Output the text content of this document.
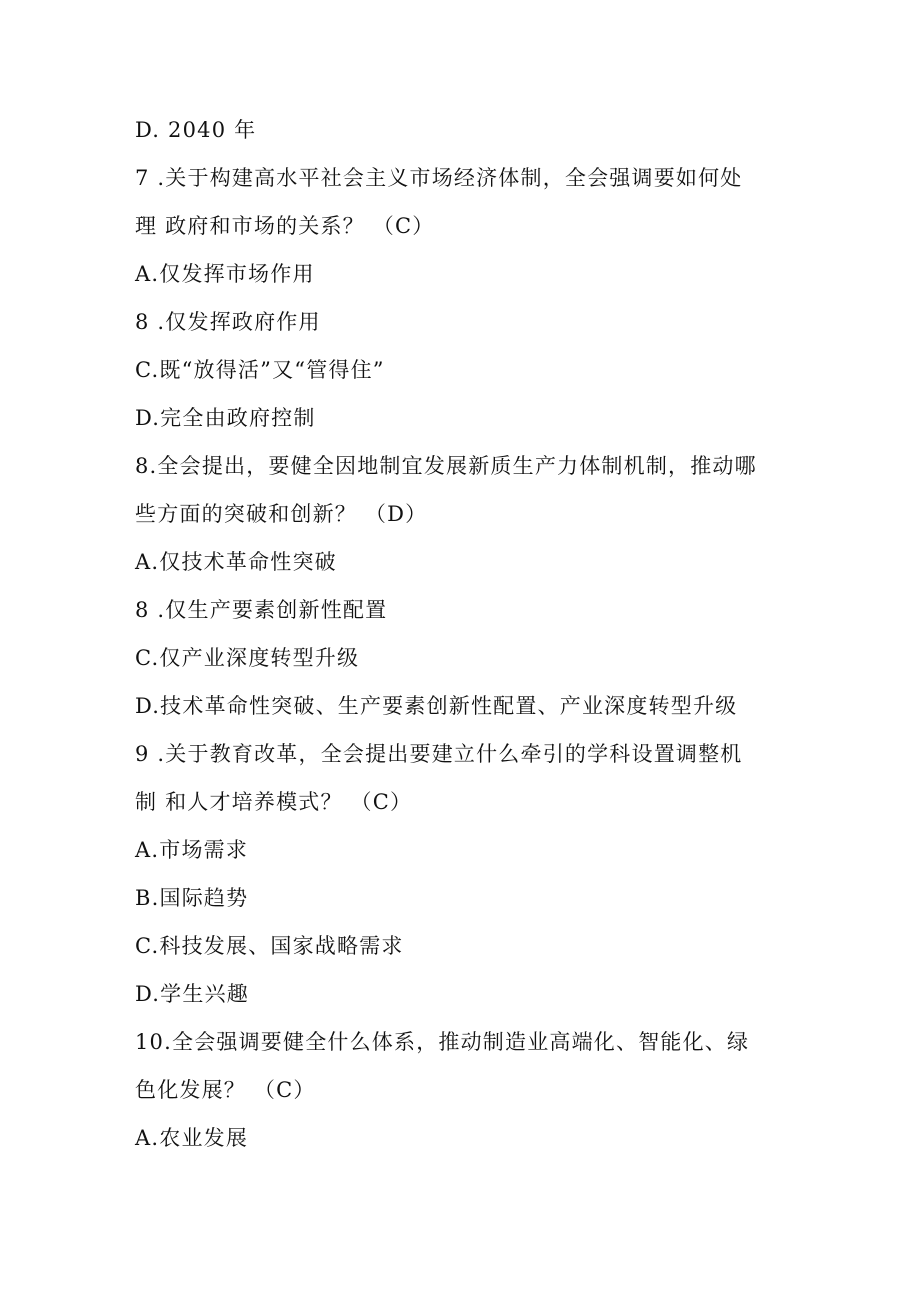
D. 2040 年
7 .关于构建高水平社会主义市场经济体制，全会强调要如何处
理 政府和市场的关系？ （C）
A.仅发挥市场作用
8 .仅发挥政府作用
C.既“放得活”又“管得住”
D.完全由政府控制
8.全会提出，要健全因地制宜发展新质生产力体制机制，推动哪
些方面的突破和创新？ （D）
A.仅技术革命性突破
8 .仅生产要素创新性配置
C.仅产业深度转型升级
D.技术革命性突破、生产要素创新性配置、产业深度转型升级
9 .关于教育改革，全会提出要建立什么牵引的学科设置调整机
制 和人才培养模式？ （C）
A.市场需求
B.国际趋势
C.科技发展、国家战略需求
D.学生兴趣
10.全会强调要健全什么体系，推动制造业高端化、智能化、绿
色化发展？ （C）
A.农业发展
